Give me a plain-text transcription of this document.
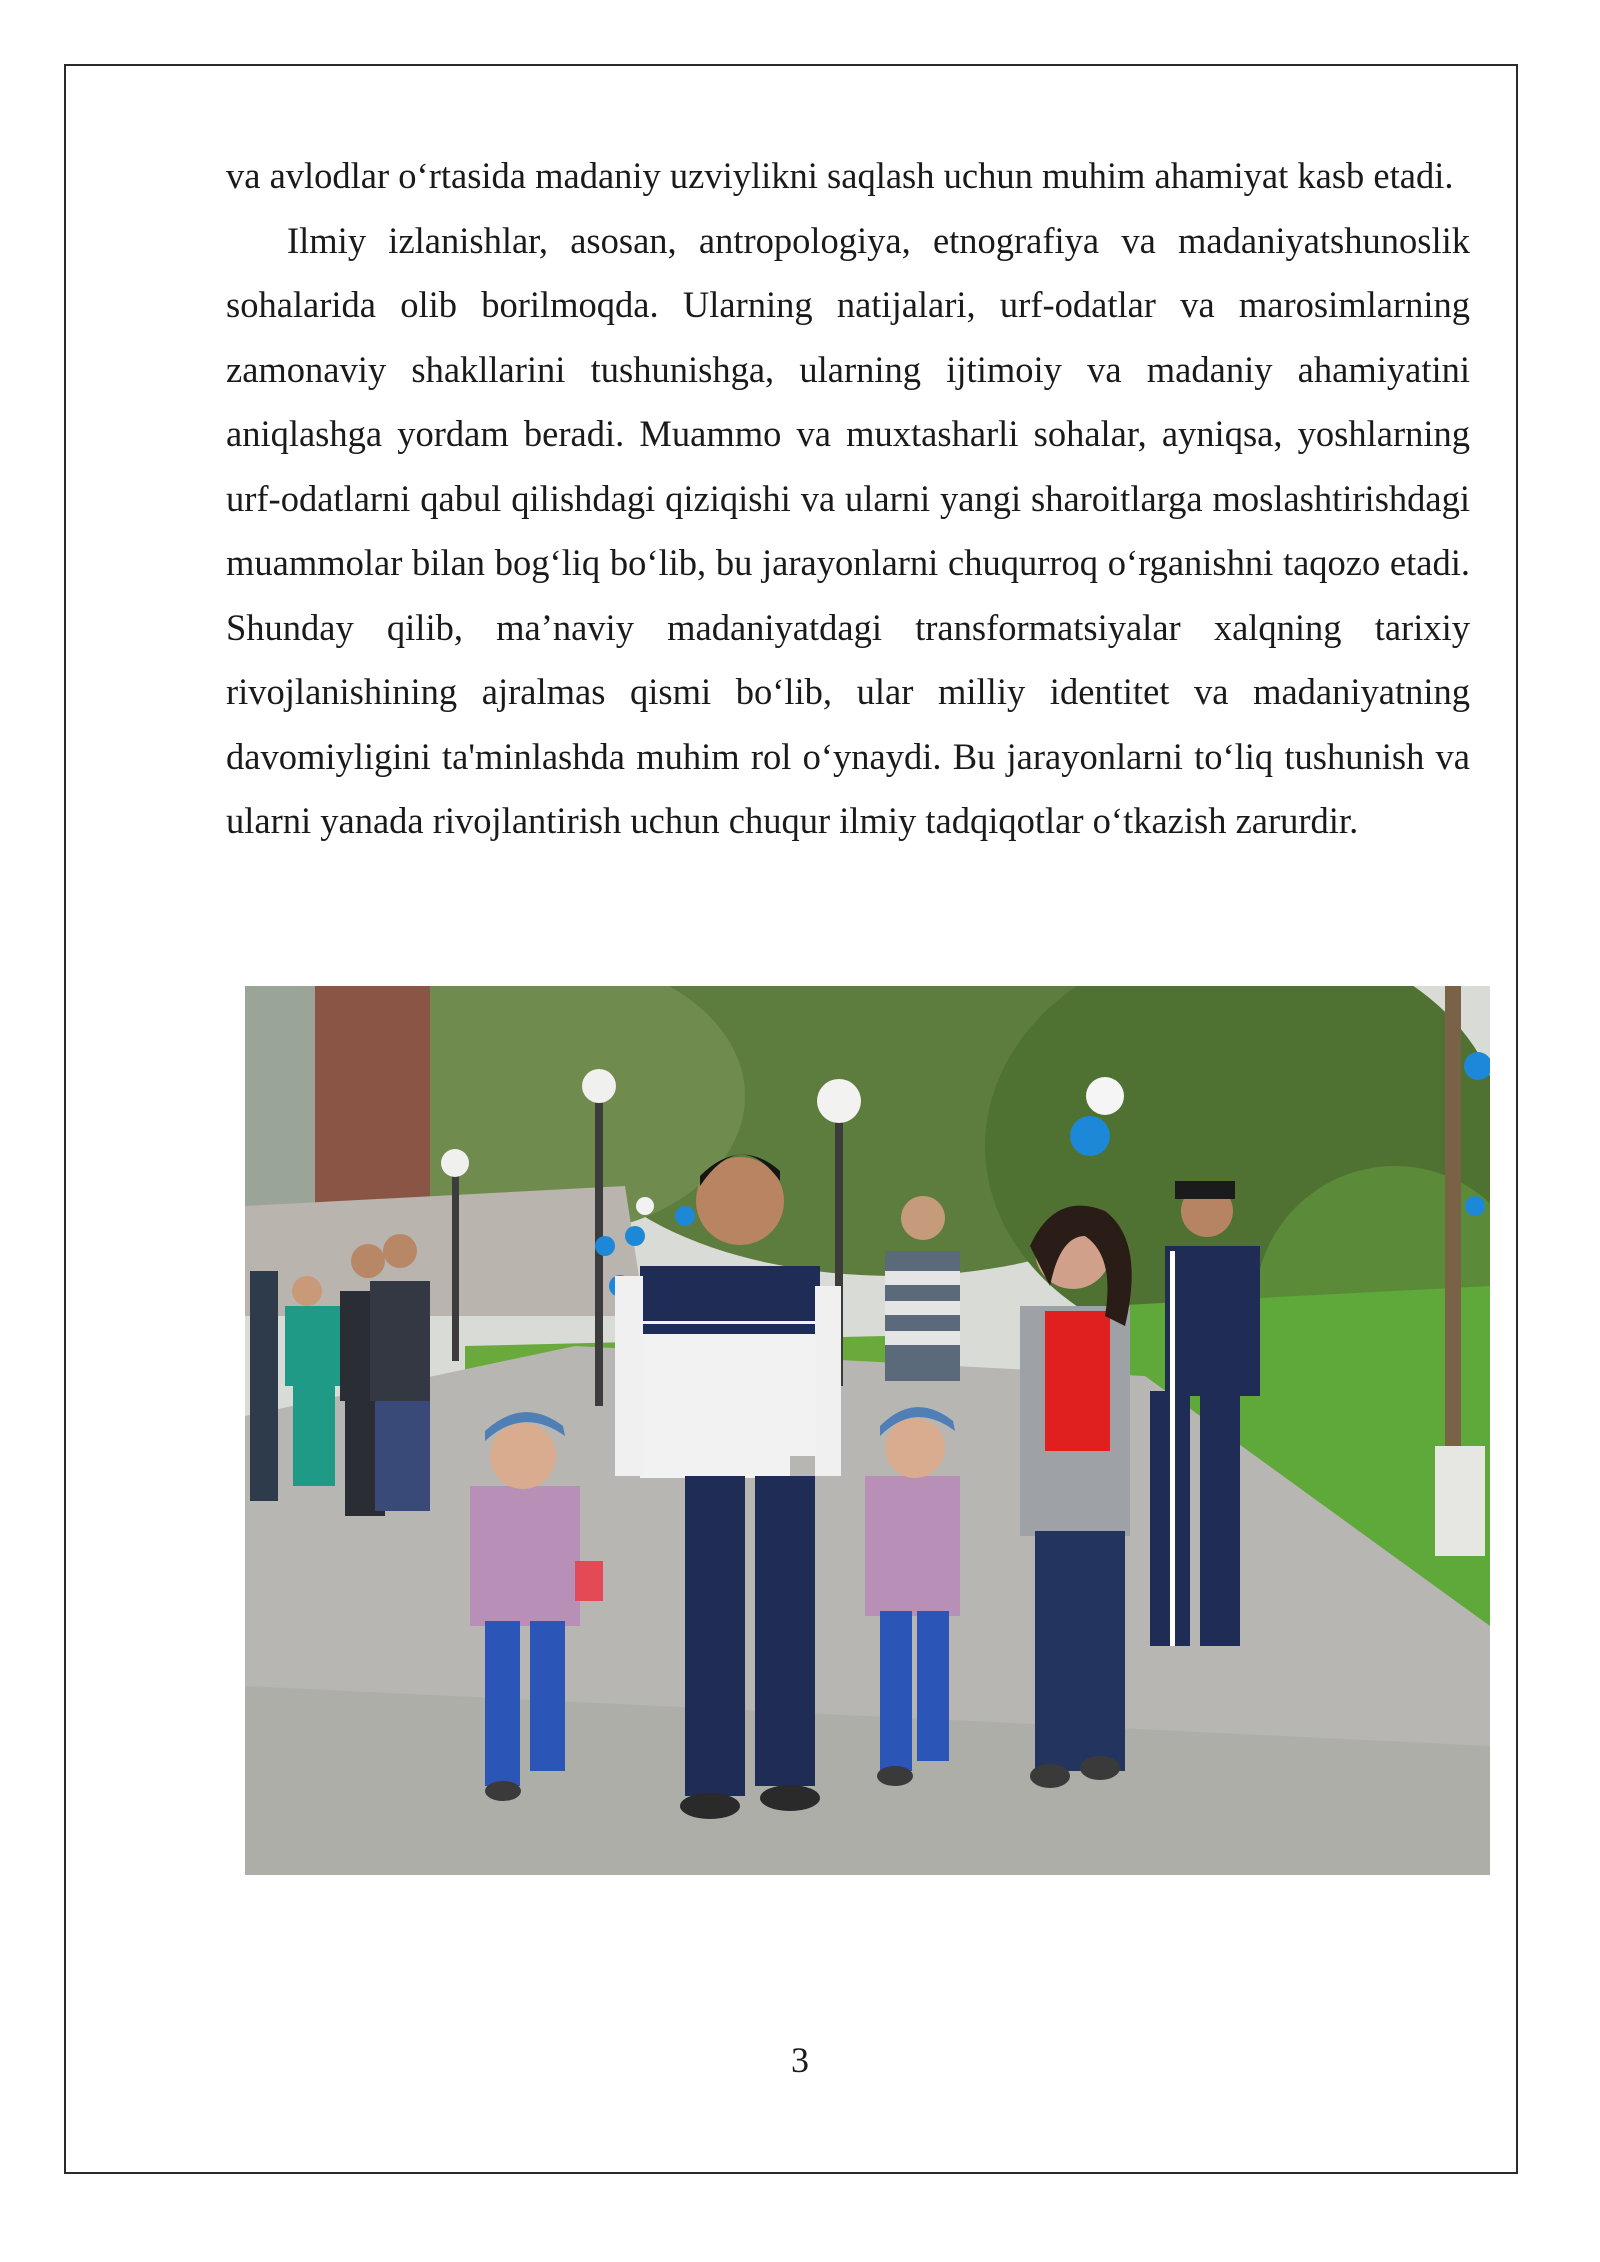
va avlodlar o‘rtasida madaniy uzviylikni saqlash uchun muhim ahamiyat kasb etadi.

Ilmiy izlanishlar, asosan, antropologiya, etnografiya va madaniyatshunoslik sohalarida olib borilmoqda. Ularning natijalari, urf-odatlar va marosimlarning zamonaviy shakllarini tushunishga, ularning ijtimoiy va madaniy ahamiyatini aniqlashga yordam beradi. Muammo va muxtasharli sohalar, ayniqsa, yoshlarning urf-odatlarni qabul qilishdagi qiziqishi va ularni yangi sharoitlarga moslashtirishdagi muammolar bilan bog‘liq bo‘lib, bu jarayonlarni chuqurroq o‘rganishni taqozo etadi. Shunday qilib, ma’naviy madaniyatdagi transformatsiyalar xalqning tarixiy rivojlanishining ajralmas qismi bo‘lib, ular milliy identitet va madaniyatning davomiyligini ta'minlashda muhim rol o‘ynaydi. Bu jarayonlarni to‘liq tushunish va ularni yanada rivojlantirish uchun chuqur ilmiy tadqiqotlar o‘tkazish zarurdir.

3
